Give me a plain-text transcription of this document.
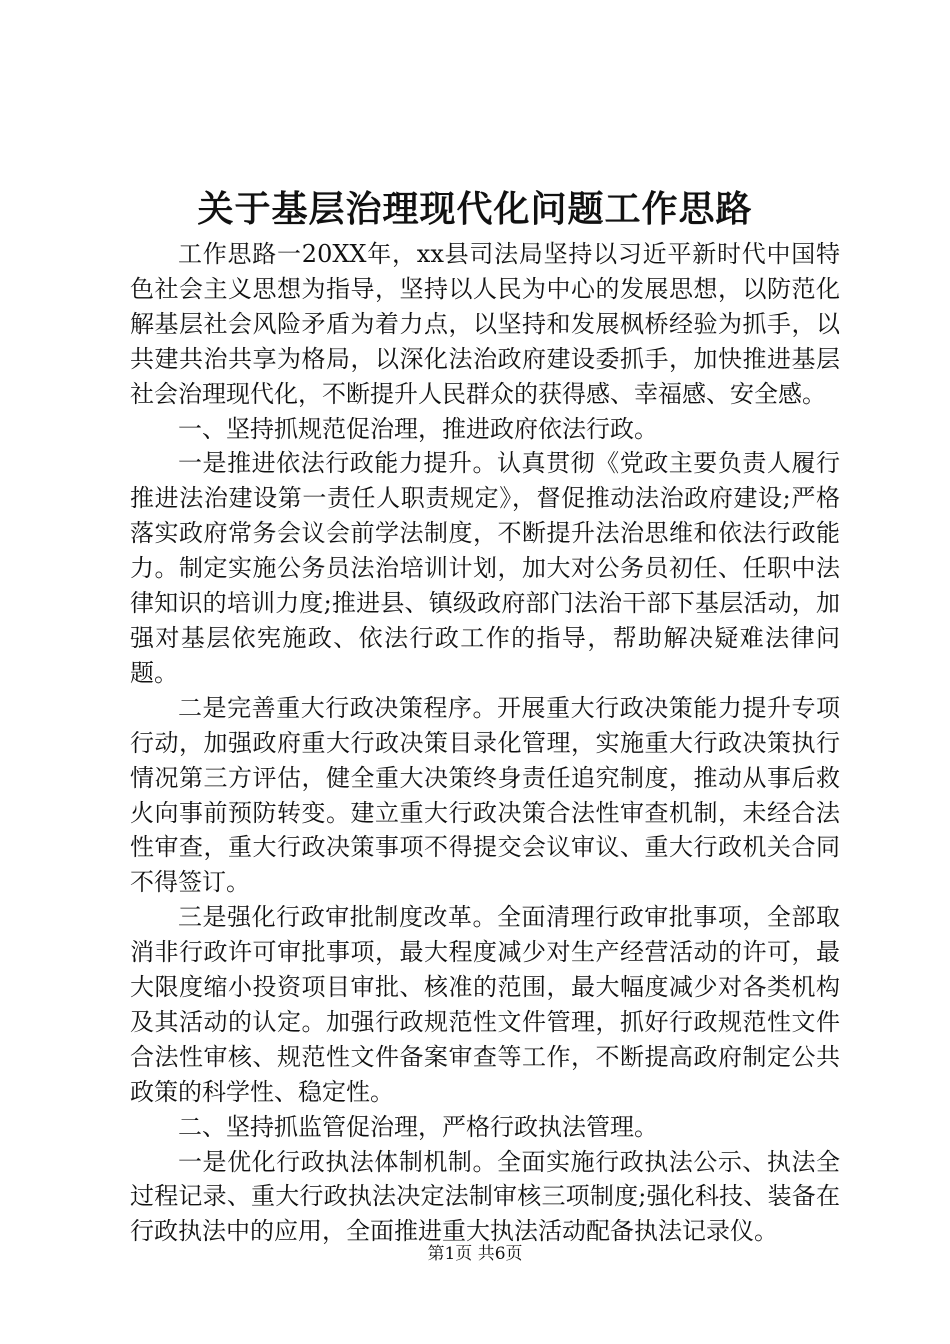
关于基层治理现代化问题工作思路

工作思路一20XX年，xx县司法局坚持以习近平新时代中国特色社会主义思想为指导，坚持以人民为中心的发展思想，以防范化解基层社会风险矛盾为着力点，以坚持和发展枫桥经验为抓手，以共建共治共享为格局，以深化法治政府建设委抓手，加快推进基层社会治理现代化，不断提升人民群众的获得感、幸福感、安全感。

一、坚持抓规范促治理，推进政府依法行政。

一是推进依法行政能力提升。认真贯彻《党政主要负责人履行推进法治建设第一责任人职责规定》，督促推动法治政府建设;严格落实政府常务会议会前学法制度，不断提升法治思维和依法行政能力。制定实施公务员法治培训计划，加大对公务员初任、任职中法律知识的培训力度;推进县、镇级政府部门法治干部下基层活动，加强对基层依宪施政、依法行政工作的指导，帮助解决疑难法律问题。

二是完善重大行政决策程序。开展重大行政决策能力提升专项行动，加强政府重大行政决策目录化管理，实施重大行政决策执行情况第三方评估，健全重大决策终身责任追究制度，推动从事后救火向事前预防转变。建立重大行政决策合法性审查机制，未经合法性审查，重大行政决策事项不得提交会议审议、重大行政机关合同不得签订。

三是强化行政审批制度改革。全面清理行政审批事项，全部取消非行政许可审批事项，最大程度减少对生产经营活动的许可，最大限度缩小投资项目审批、核准的范围，最大幅度减少对各类机构及其活动的认定。加强行政规范性文件管理，抓好行政规范性文件合法性审核、规范性文件备案审查等工作，不断提高政府制定公共政策的科学性、稳定性。

二、坚持抓监管促治理，严格行政执法管理。

一是优化行政执法体制机制。全面实施行政执法公示、执法全过程记录、重大行政执法决定法制审核三项制度;强化科技、装备在行政执法中的应用，全面推进重大执法活动配备执法记录仪。

第1页 共6页
